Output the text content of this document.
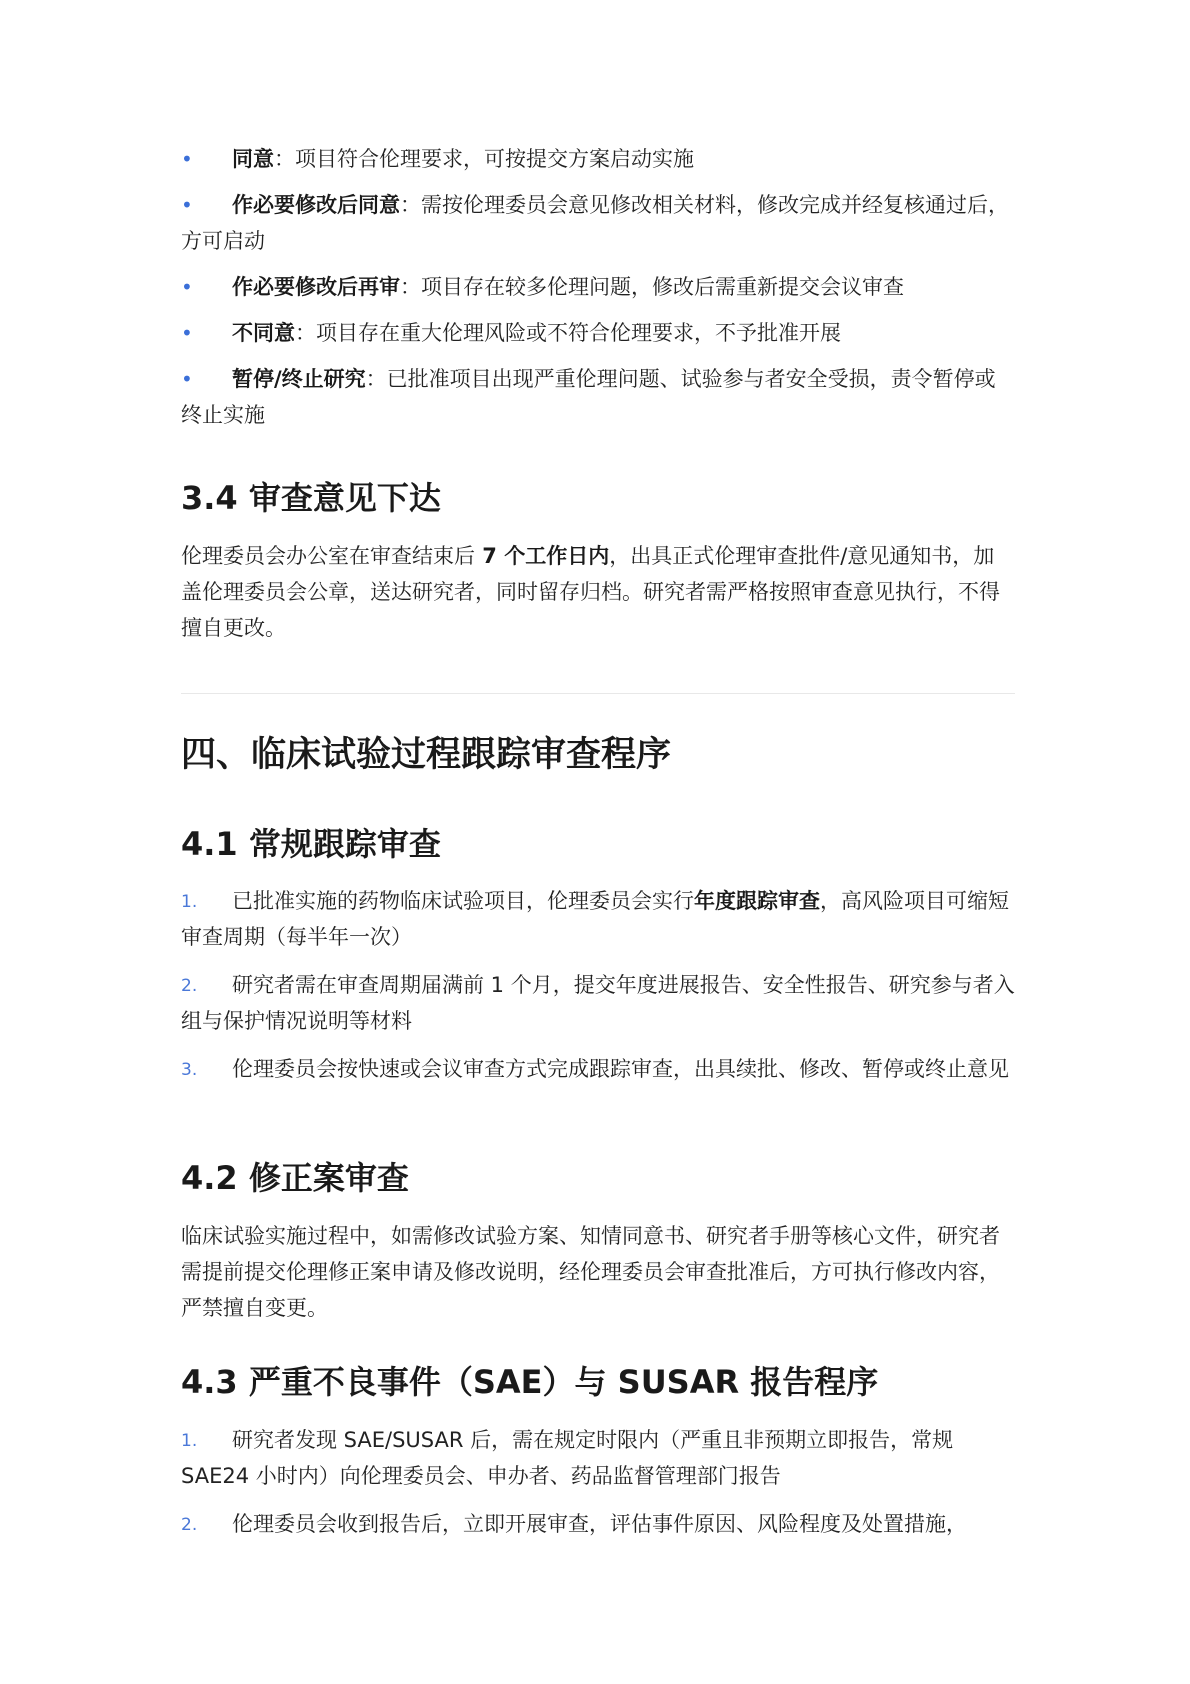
• 同意：项目符合伦理要求，可按提交方案启动实施

• 作必要修改后同意：需按伦理委员会意见修改相关材料，修改完成并经复核通过后，方可启动

• 作必要修改后再审：项目存在较多伦理问题，修改后需重新提交会议审查

• 不同意：项目存在重大伦理风险或不符合伦理要求，不予批准开展

• 暂停/终止研究：已批准项目出现严重伦理问题、试验参与者安全受损，责令暂停或终止实施

3.4 审查意见下达

伦理委员会办公室在审查结束后 7 个工作日内，出具正式伦理审查批件/意见通知书，加盖伦理委员会公章，送达研究者，同时留存归档。研究者需严格按照审查意见执行，不得擅自更改。

四、临床试验过程跟踪审查程序
4.1 常规跟踪审查

1. 已批准实施的药物临床试验项目，伦理委员会实行年度跟踪审查，高风险项目可缩短审查周期（每半年一次）

2. 研究者需在审查周期届满前 1 个月，提交年度进展报告、安全性报告、研究参与者入组与保护情况说明等材料

3. 伦理委员会按快速或会议审查方式完成跟踪审查，出具续批、修改、暂停或终止意见

4.2 修正案审查

临床试验实施过程中，如需修改试验方案、知情同意书、研究者手册等核心文件，研究者需提前提交伦理修正案申请及修改说明，经伦理委员会审查批准后，方可执行修改内容，严禁擅自变更。

4.3 严重不良事件（SAE）与 SUSAR 报告程序

1. 研究者发现 SAE/SUSAR 后，需在规定时限内（严重且非预期立即报告，常规 SAE24 小时内）向伦理委员会、申办者、药品监督管理部门报告

2. 伦理委员会收到报告后，立即开展审查，评估事件原因、风险程度及处置措施，
